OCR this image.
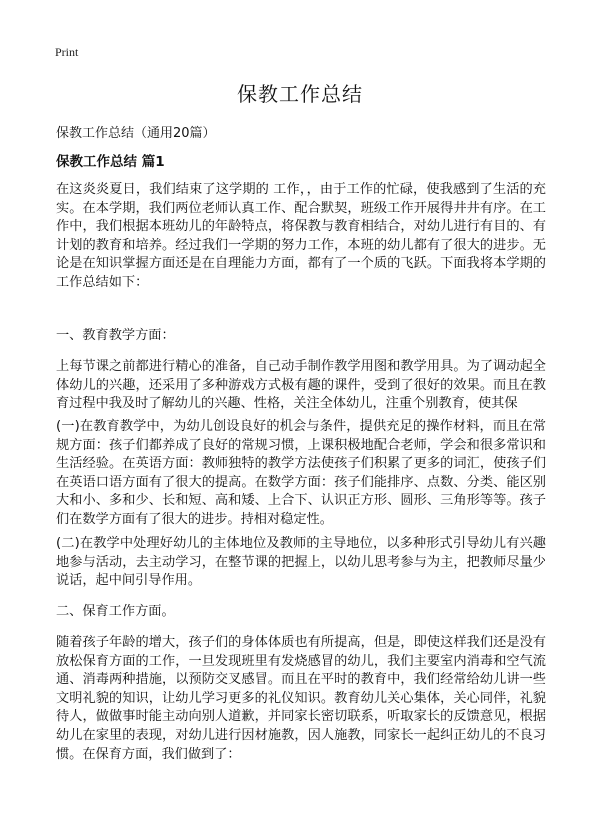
Print
保教工作总结

保教工作总结（通用20篇）

保教工作总结 篇1

在这炎炎夏日，我们结束了这学期的 工作，，由于工作的忙碌，使我感到了生活的充实。在本学期，我们两位老师认真工作、配合默契，班级工作开展得井井有序。在工作中，我们根据本班幼儿的年龄特点，将保教与教育相结合，对幼儿进行有目的、有计划的教育和培养。经过我们一学期的努力工作，本班的幼儿都有了很大的进步。无论是在知识掌握方面还是在自理能力方面，都有了一个质的飞跃。下面我将本学期的工作总结如下：

一、教育教学方面：

上每节课之前都进行精心的准备，自己动手制作教学用图和教学用具。为了调动起全体幼儿的兴趣，还采用了多种游戏方式极有趣的课件，受到了很好的效果。而且在教育过程中我及时了解幼儿的兴趣、性格，关注全体幼儿，注重个别教育，使其保

(一)在教育教学中，为幼儿创设良好的机会与条件，提供充足的操作材料，而且在常规方面：孩子们都养成了良好的常规习惯，上课积极地配合老师，学会和很多常识和生活经验。在英语方面：教师独特的教学方法使孩子们积累了更多的词汇，使孩子们在英语口语方面有了很大的提高。在数学方面：孩子们能排序、点数、分类、能区别大和小、多和少、长和短、高和矮、上合下、认识正方形、圆形、三角形等等。孩子们在数学方面有了很大的进步。持相对稳定性。

(二)在教学中处理好幼儿的主体地位及教师的主导地位，以多种形式引导幼儿有兴趣地参与活动，去主动学习，在整节课的把握上，以幼儿思考参与为主，把教师尽量少说话，起中间引导作用。

二、保育工作方面。

随着孩子年龄的增大，孩子们的身体体质也有所提高，但是，即使这样我们还是没有放松保育方面的工作，一旦发现班里有发烧感冒的幼儿，我们主要室内消毒和空气流通、消毒两种措施，以预防交叉感冒。而且在平时的教育中，我们经常给幼儿讲一些文明礼貌的知识，让幼儿学习更多的礼仪知识。教育幼儿关心集体，关心同伴，礼貌待人，做做事时能主动向别人道歉，并同家长密切联系，听取家长的反馈意见，根据幼儿在家里的表现，对幼儿进行因材施教，因人施教，同家长一起纠正幼儿的不良习惯。在保育方面，我们做到了：
